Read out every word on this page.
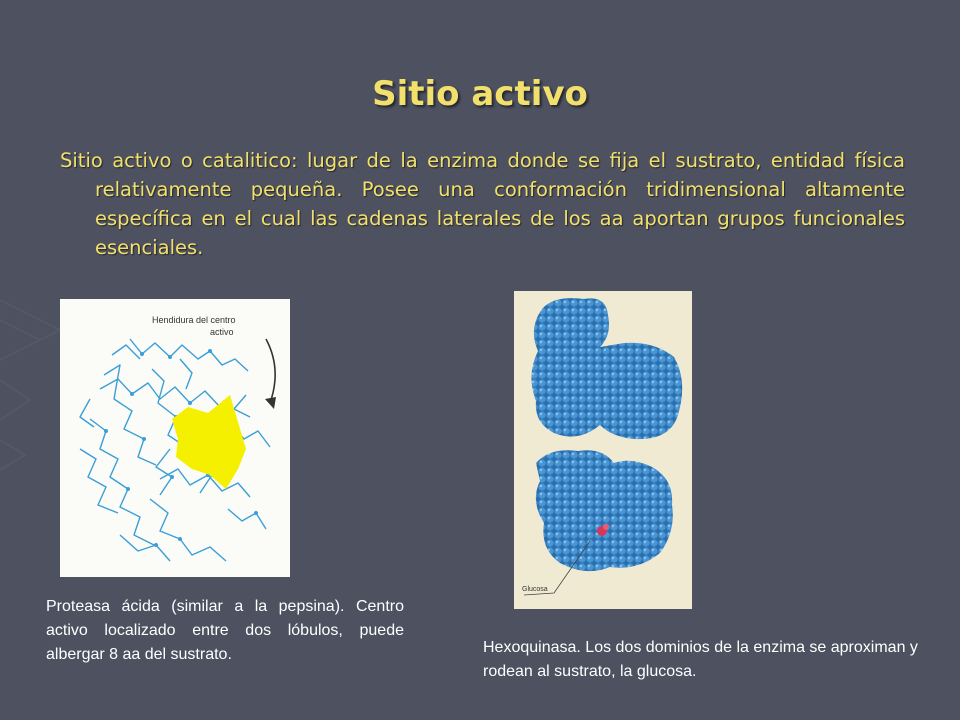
Sitio activo
Sitio activo o catalitico: lugar de la enzima donde se fija el sustrato, entidad física relativamente pequeña. Posee una conformación tridimensional altamente específica en el cual las cadenas laterales de los aa aportan grupos funcionales esenciales.
Hendidura del centro
activo
Glucosa
Proteasa ácida (similar a la pepsina). Centro activo localizado entre dos lóbulos, puede albergar 8 aa del sustrato.	Hexoquinasa. Los dos dominios de la enzima se aproximan y rodean al sustrato, la glucosa.
